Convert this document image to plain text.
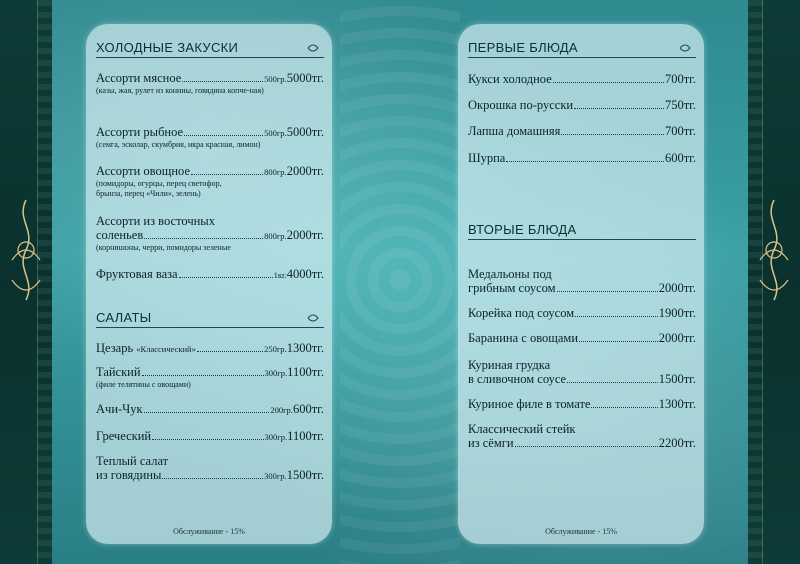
ХОЛОДНЫЕ ЗАКУСКИ
Ассорти мясное	500гр. 5000тг.
(казы, жая, рулет из конины, говядина копче-ная)
Ассорти рыбное	500гр. 5000тг.
(семга, эсколар, скумбрия, икра красная, лимон)
Ассорти овощное	800гр. 2000тг.
(помидоры, огурцы, перец светофор, брынза, перец «Чили», зелень)
Ассорти из восточных
соленьев	800гр. 2000тг.
(корнишоны, черри, помидоры зеленые
Фруктовая ваза	1кг. 4000тг.
САЛАТЫ
Цезарь
«Классический»	250гр. 1300тг.
Тайский	300гр. 1100тг.
(филе телятины с овощами)
Ачи-Чук	200гр. 600тг.
Греческий	300гр. 1100тг.
Теплый салат
из говядины	300гр. 1500тг.
Обслуживание - 15%
ПЕРВЫЕ БЛЮДА
Кукси холодное	700тг.
Окрошка по-русски	750тг.
Лапша домашняя	700тг.
Шурпа	600тг.
ВТОРЫЕ БЛЮДА
Медальоны под
грибным соусом	2000тг.
Корейка под соусом	1900тг.
Баранина с овощами	2000тг.
Куриная грудка
в сливочном соусе	1500тг.
Куриное филе в томате	1300тг.
Классический стейк
из сёмги	2200тг.
Обслуживание - 15%
